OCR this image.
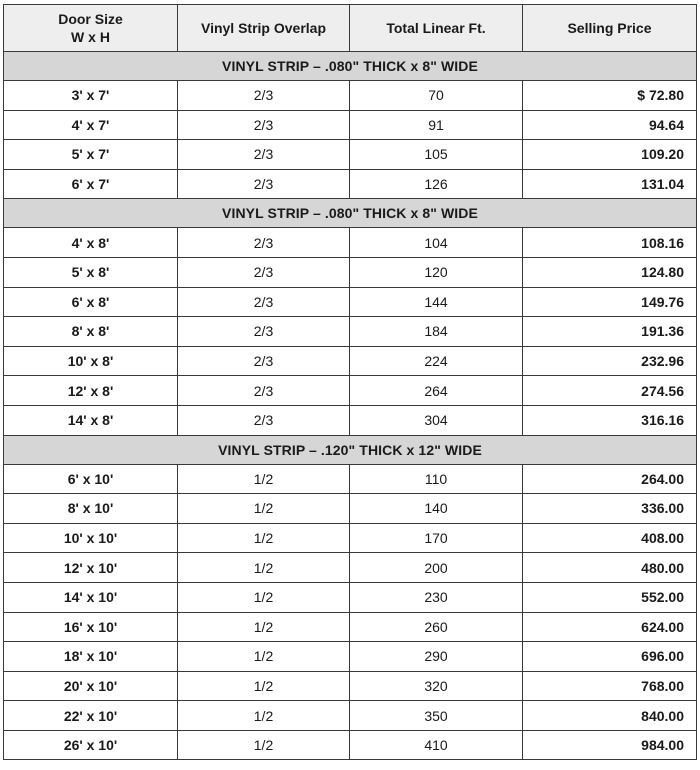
Door Size
W x H	Vinyl Strip Overlap	Total Linear Ft.	Selling Price
VINYL STRIP – .080" THICK x 8" WIDE			
3' x 7'	2/3	70	$ 72.80
4' x 7'	2/3	91	94.64
5' x 7'	2/3	105	109.20
6' x 7'	2/3	126	131.04
VINYL STRIP – .080" THICK x 8" WIDE			
4' x 8'	2/3	104	108.16
5' x 8'	2/3	120	124.80
6' x 8'	2/3	144	149.76
8' x 8'	2/3	184	191.36
10' x 8'	2/3	224	232.96
12' x 8'	2/3	264	274.56
14' x 8'	2/3	304	316.16
VINYL STRIP – .120" THICK x 12" WIDE			
6' x 10'	1/2	110	264.00
8' x 10'	1/2	140	336.00
10' x 10'	1/2	170	408.00
12' x 10'	1/2	200	480.00
14' x 10'	1/2	230	552.00
16' x 10'	1/2	260	624.00
18' x 10'	1/2	290	696.00
20' x 10'	1/2	320	768.00
22' x 10'	1/2	350	840.00
26' x 10'	1/2	410	984.00
